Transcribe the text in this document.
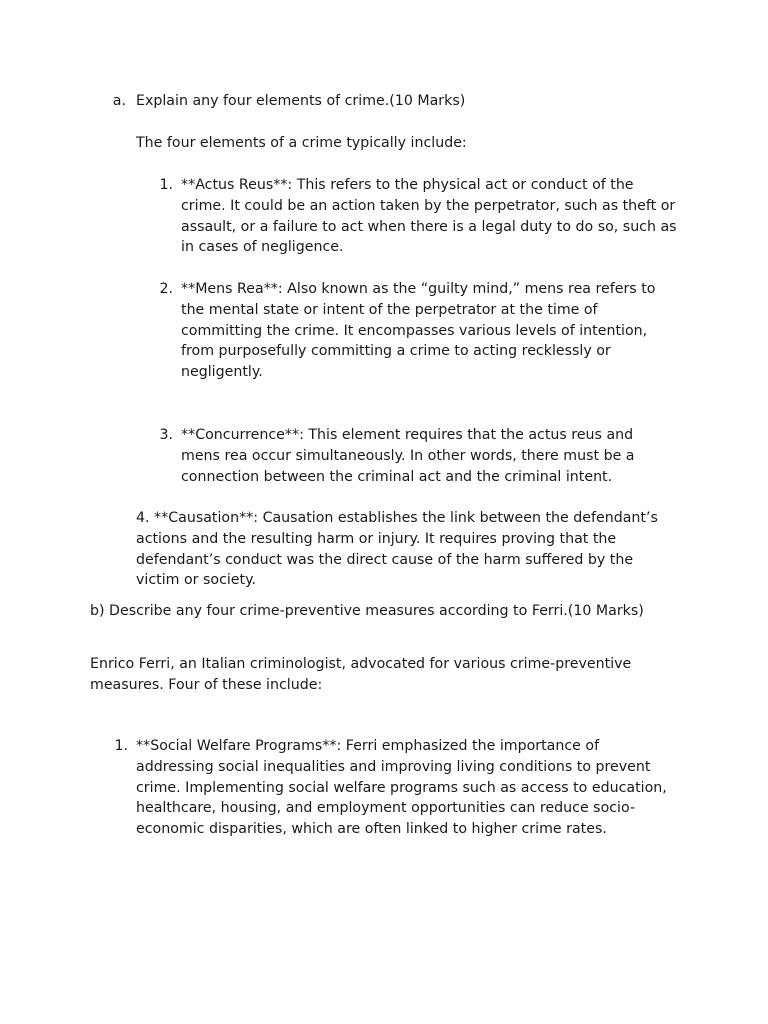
a. Explain any four elements of crime.(10 Marks)

The four elements of a crime typically include:

1. **Actus Reus**: This refers to the physical act or conduct of the crime. It could be an action taken by the perpetrator, such as theft or assault, or a failure to act when there is a legal duty to do so, such as in cases of negligence.

2. **Mens Rea**: Also known as the “guilty mind,” mens rea refers to the mental state or intent of the perpetrator at the time of committing the crime. It encompasses various levels of intention, from purposefully committing a crime to acting recklessly or negligently.

3. **Concurrence**: This element requires that the actus reus and mens rea occur simultaneously. In other words, there must be a connection between the criminal act and the criminal intent.

4. **Causation**: Causation establishes the link between the defendant’s actions and the resulting harm or injury. It requires proving that the defendant’s conduct was the direct cause of the harm suffered by the victim or society.

b) Describe any four crime-preventive measures according to Ferri.(10 Marks)

Enrico Ferri, an Italian criminologist, advocated for various crime-preventive measures. Four of these include:

1. **Social Welfare Programs**: Ferri emphasized the importance of addressing social inequalities and improving living conditions to prevent crime. Implementing social welfare programs such as access to education, healthcare, housing, and employment opportunities can reduce socio-economic disparities, which are often linked to higher crime rates.
